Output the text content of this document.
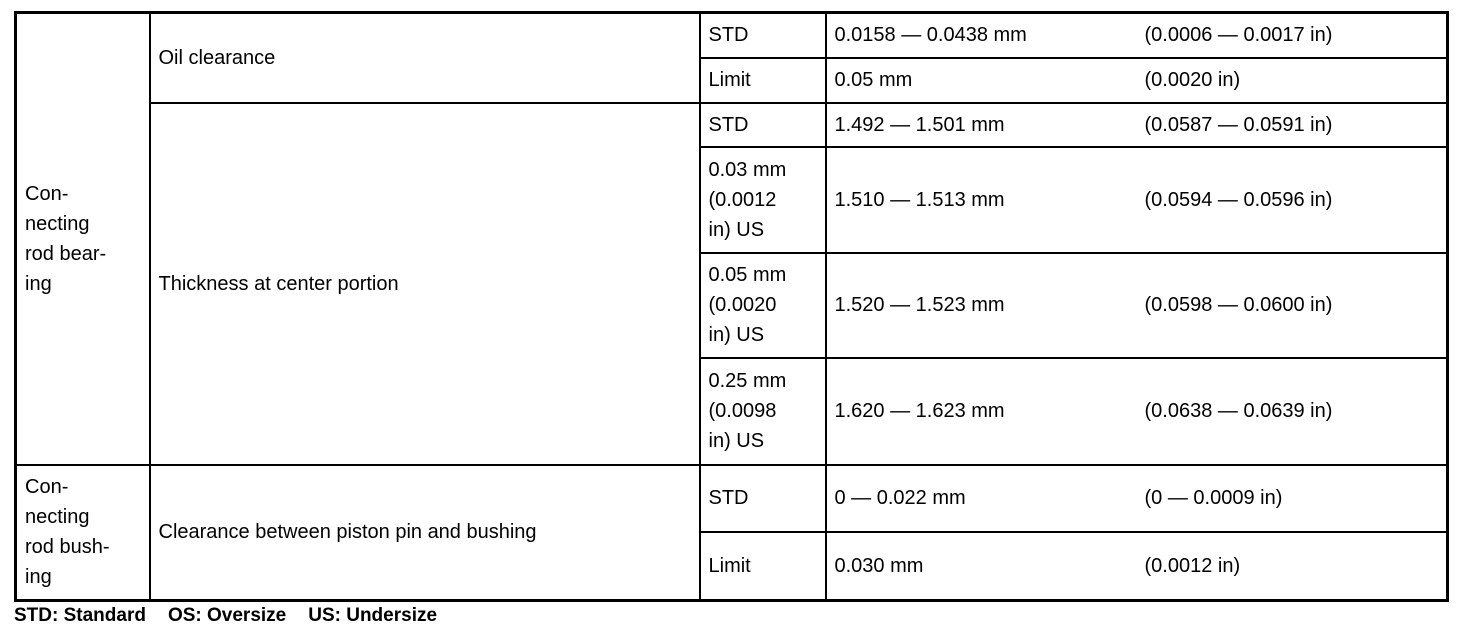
Con-
necting
rod bear-
ing	Oil clearance	STD	0.0158 — 0.0438 mm (0.0006 — 0.0017 in)
		Limit	0.05 mm (0.0020 in)
	Thickness at center portion	STD	1.492 — 1.501 mm (0.0587 — 0.0591 in)
		0.03 mm
(0.0012
in) US	1.510 — 1.513 mm (0.0594 — 0.0596 in)
		0.05 mm
(0.0020
in) US	1.520 — 1.523 mm (0.0598 — 0.0600 in)
		0.25 mm
(0.0098
in) US	1.620 — 1.623 mm (0.0638 — 0.0639 in)

Con-
necting
rod bush-
ing	Clearance between piston pin and bushing	STD	0 — 0.022 mm (0 — 0.0009 in)
		Limit	0.030 mm (0.0012 in)
STD: Standard OS: Oversize US: Undersize
